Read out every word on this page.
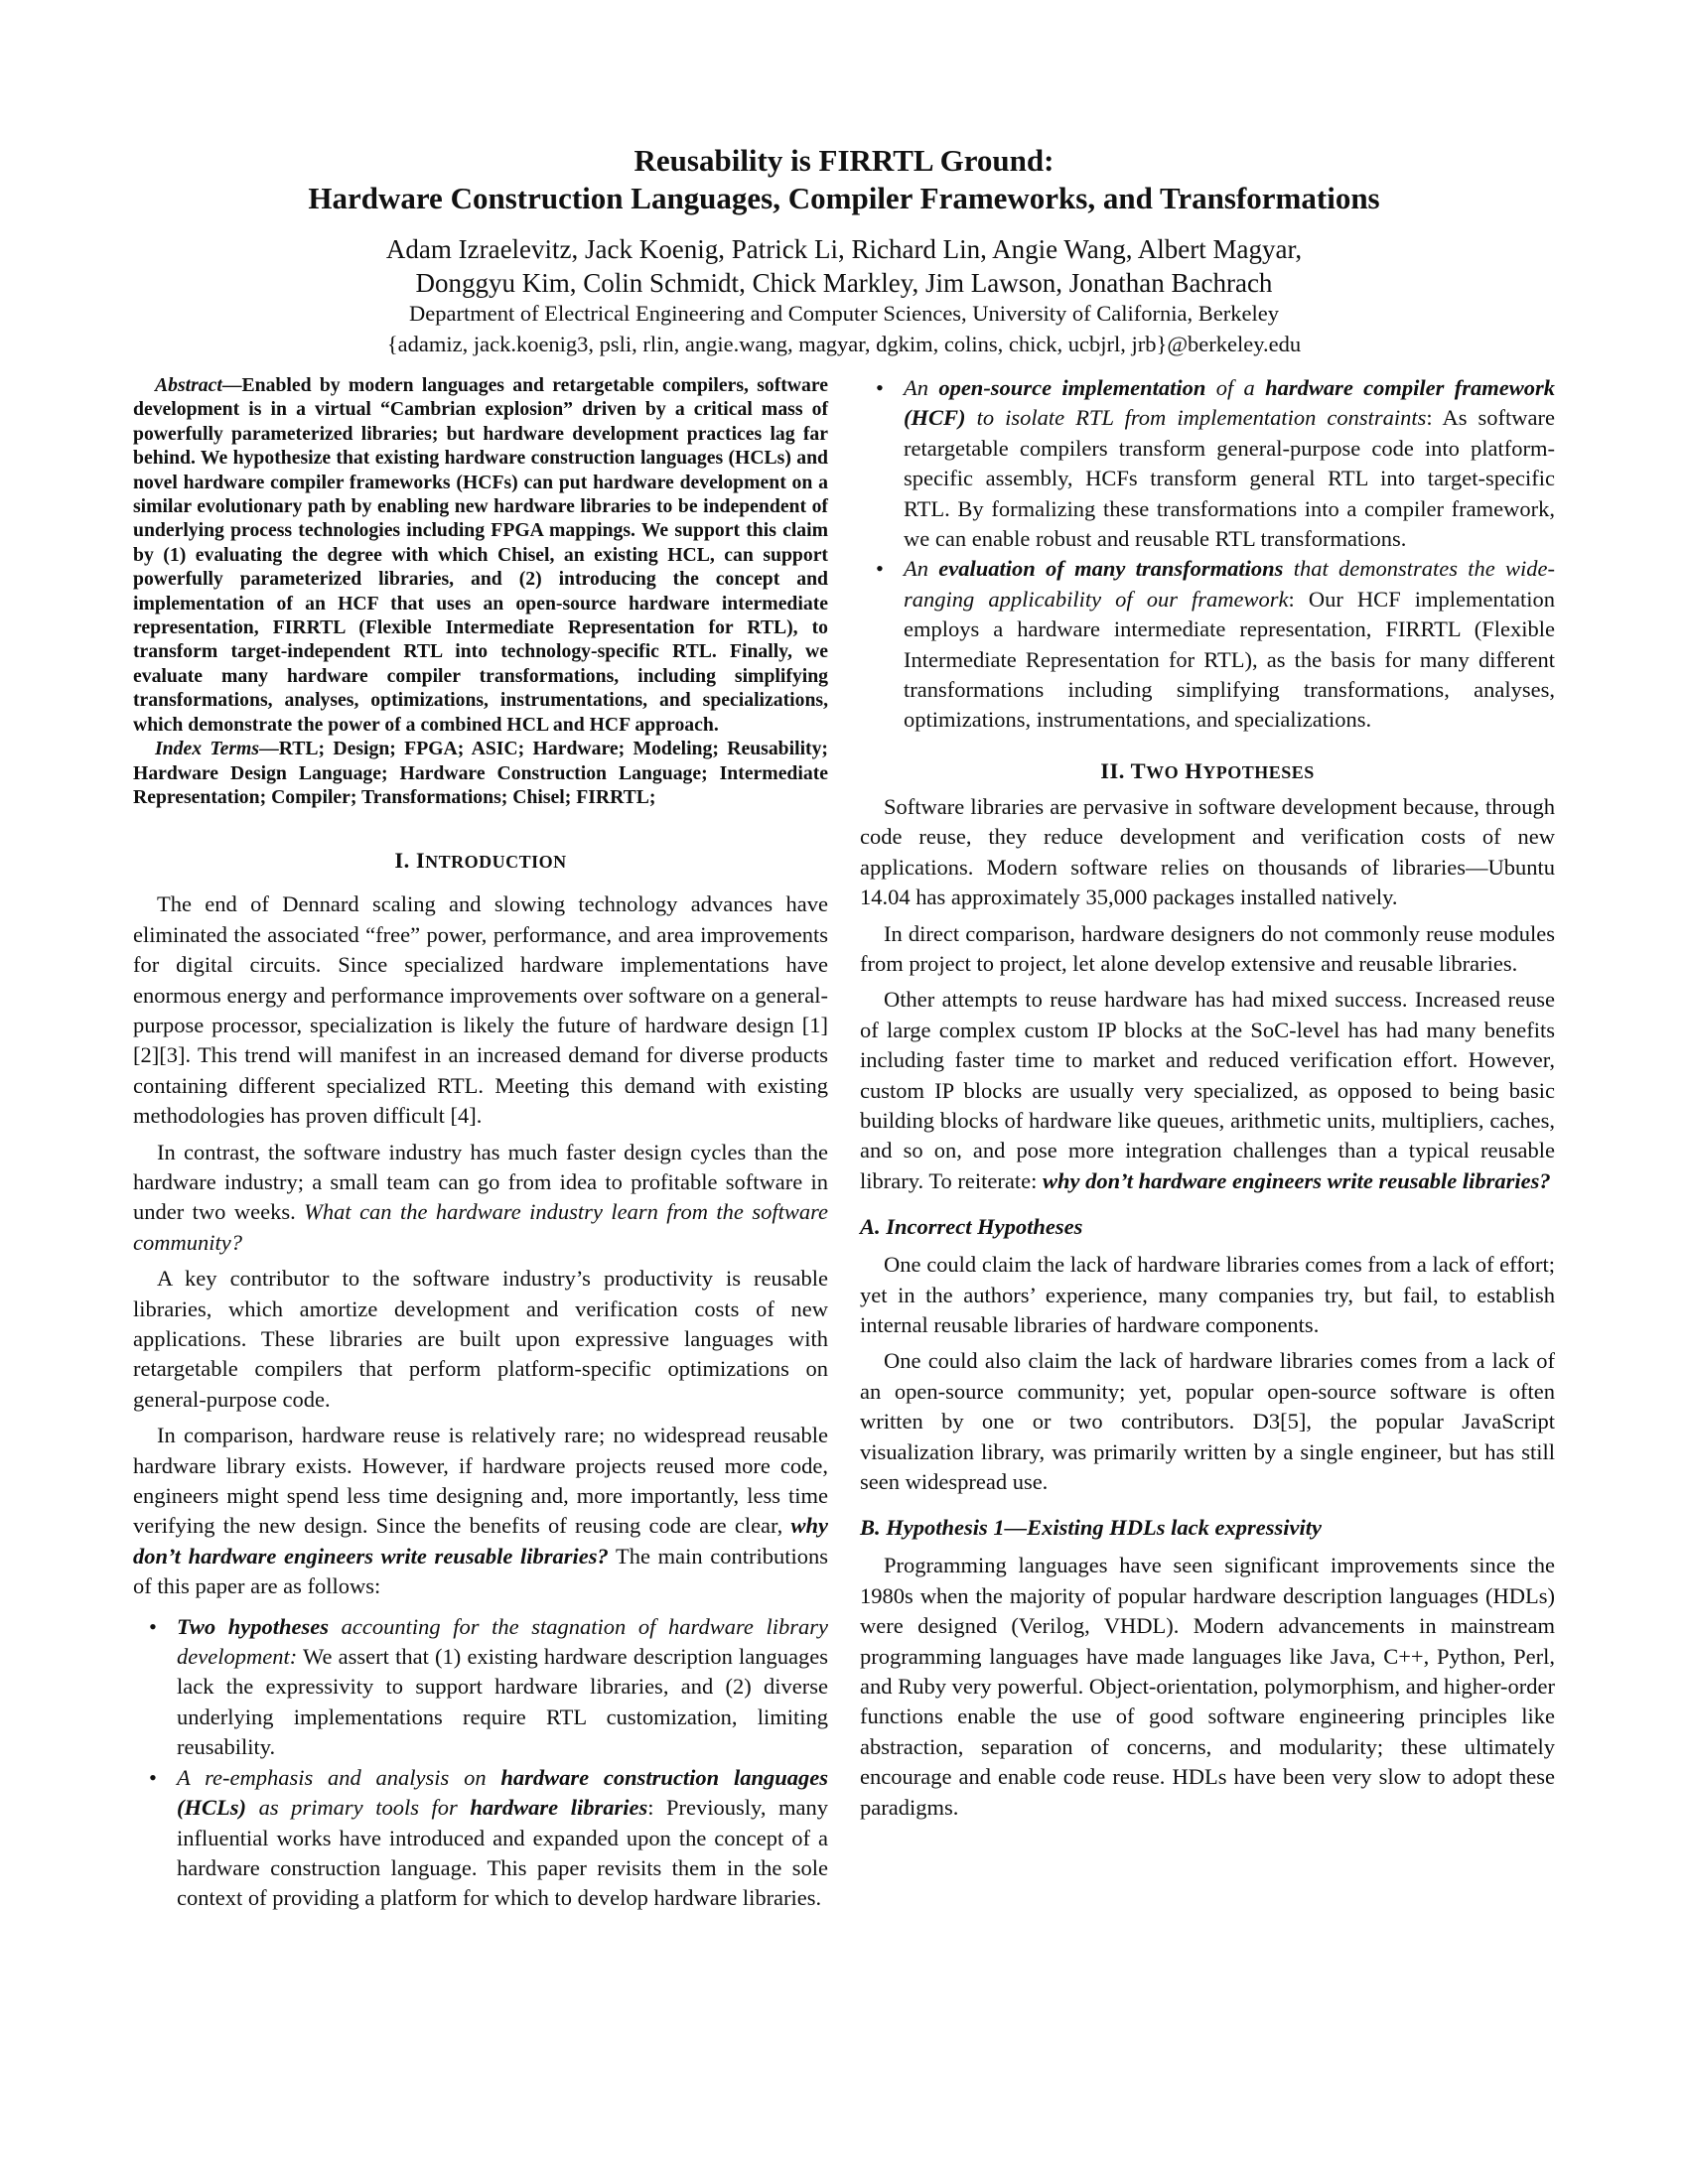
Reusability is FIRRTL Ground:
Hardware Construction Languages, Compiler Frameworks, and Transformations
Adam Izraelevitz, Jack Koenig, Patrick Li, Richard Lin, Angie Wang, Albert Magyar,
Donggyu Kim, Colin Schmidt, Chick Markley, Jim Lawson, Jonathan Bachrach
Department of Electrical Engineering and Computer Sciences, University of California, Berkeley
{adamiz, jack.koenig3, psli, rlin, angie.wang, magyar, dgkim, colins, chick, ucbjrl, jrb}@berkeley.edu

Abstract—Enabled by modern languages and retargetable compilers, software development is in a virtual “Cambrian explosion” driven by a critical mass of powerfully parameterized libraries; but hardware development practices lag far behind. We hypothesize that existing hardware construction languages (HCLs) and novel hardware compiler frameworks (HCFs) can put hardware development on a similar evolutionary path by enabling new hardware libraries to be independent of underlying process technologies including FPGA mappings. We support this claim by (1) evaluating the degree with which Chisel, an existing HCL, can support powerfully parameterized libraries, and (2) introducing the concept and implementation of an HCF that uses an open-source hardware intermediate representation, FIRRTL (Flexible Intermediate Representation for RTL), to transform target-independent RTL into technology-specific RTL. Finally, we evaluate many hardware compiler transformations, including simplifying transformations, analyses, optimizations, instrumentations, and specializations, which demonstrate the power of a combined HCL and HCF approach.

Index Terms—RTL; Design; FPGA; ASIC; Hardware; Modeling; Reusability; Hardware Design Language; Hardware Construction Language; Intermediate Representation; Compiler; Transformations; Chisel; FIRRTL;

I. INTRODUCTION

The end of Dennard scaling and slowing technology advances have eliminated the associated “free” power, performance, and area improvements for digital circuits. Since specialized hardware implementations have enormous energy and performance improvements over software on a general-purpose processor, specialization is likely the future of hardware design [1][2][3]. This trend will manifest in an increased demand for diverse products containing different specialized RTL. Meeting this demand with existing methodologies has proven difficult [4].

In contrast, the software industry has much faster design cycles than the hardware industry; a small team can go from idea to profitable software in under two weeks. What can the hardware industry learn from the software community?

A key contributor to the software industry’s productivity is reusable libraries, which amortize development and verification costs of new applications. These libraries are built upon expressive languages with retargetable compilers that perform platform-specific optimizations on general-purpose code.

In comparison, hardware reuse is relatively rare; no widespread reusable hardware library exists. However, if hardware projects reused more code, engineers might spend less time designing and, more importantly, less time verifying the new design. Since the benefits of reusing code are clear, why don’t hardware engineers write reusable libraries? The main contributions of this paper are as follows:

• Two hypotheses accounting for the stagnation of hardware library development: We assert that (1) existing hardware description languages lack the expressivity to support hardware libraries, and (2) diverse underlying implementations require RTL customization, limiting reusability.
• A re-emphasis and analysis on hardware construction languages (HCLs) as primary tools for hardware libraries: Previously, many influential works have introduced and expanded upon the concept of a hardware construction language. This paper revisits them in the sole context of providing a platform for which to develop hardware libraries.
• An open-source implementation of a hardware compiler framework (HCF) to isolate RTL from implementation constraints: As software retargetable compilers transform general-purpose code into platform-specific assembly, HCFs transform general RTL into target-specific RTL. By formalizing these transformations into a compiler framework, we can enable robust and reusable RTL transformations.
• An evaluation of many transformations that demonstrates the wide-ranging applicability of our framework: Our HCF implementation employs a hardware intermediate representation, FIRRTL (Flexible Intermediate Representation for RTL), as the basis for many different transformations including simplifying transformations, analyses, optimizations, instrumentations, and specializations.
II. TWO HYPOTHESES

Software libraries are pervasive in software development because, through code reuse, they reduce development and verification costs of new applications. Modern software relies on thousands of libraries—Ubuntu 14.04 has approximately 35,000 packages installed natively.

In direct comparison, hardware designers do not commonly reuse modules from project to project, let alone develop extensive and reusable libraries.

Other attempts to reuse hardware has had mixed success. Increased reuse of large complex custom IP blocks at the SoC-level has had many benefits including faster time to market and reduced verification effort. However, custom IP blocks are usually very specialized, as opposed to being basic building blocks of hardware like queues, arithmetic units, multipliers, caches, and so on, and pose more integration challenges than a typical reusable library. To reiterate: why don’t hardware engineers write reusable libraries?

A. Incorrect Hypotheses

One could claim the lack of hardware libraries comes from a lack of effort; yet in the authors’ experience, many companies try, but fail, to establish internal reusable libraries of hardware components.

One could also claim the lack of hardware libraries comes from a lack of an open-source community; yet, popular open-source software is often written by one or two contributors. D3[5], the popular JavaScript visualization library, was primarily written by a single engineer, but has still seen widespread use.

B. Hypothesis 1—Existing HDLs lack expressivity

Programming languages have seen significant improvements since the 1980s when the majority of popular hardware description languages (HDLs) were designed (Verilog, VHDL). Modern advancements in mainstream programming languages have made languages like Java, C++, Python, Perl, and Ruby very powerful. Object-orientation, polymorphism, and higher-order functions enable the use of good software engineering principles like abstraction, separation of concerns, and modularity; these ultimately encourage and enable code reuse. HDLs have been very slow to adopt these paradigms.
